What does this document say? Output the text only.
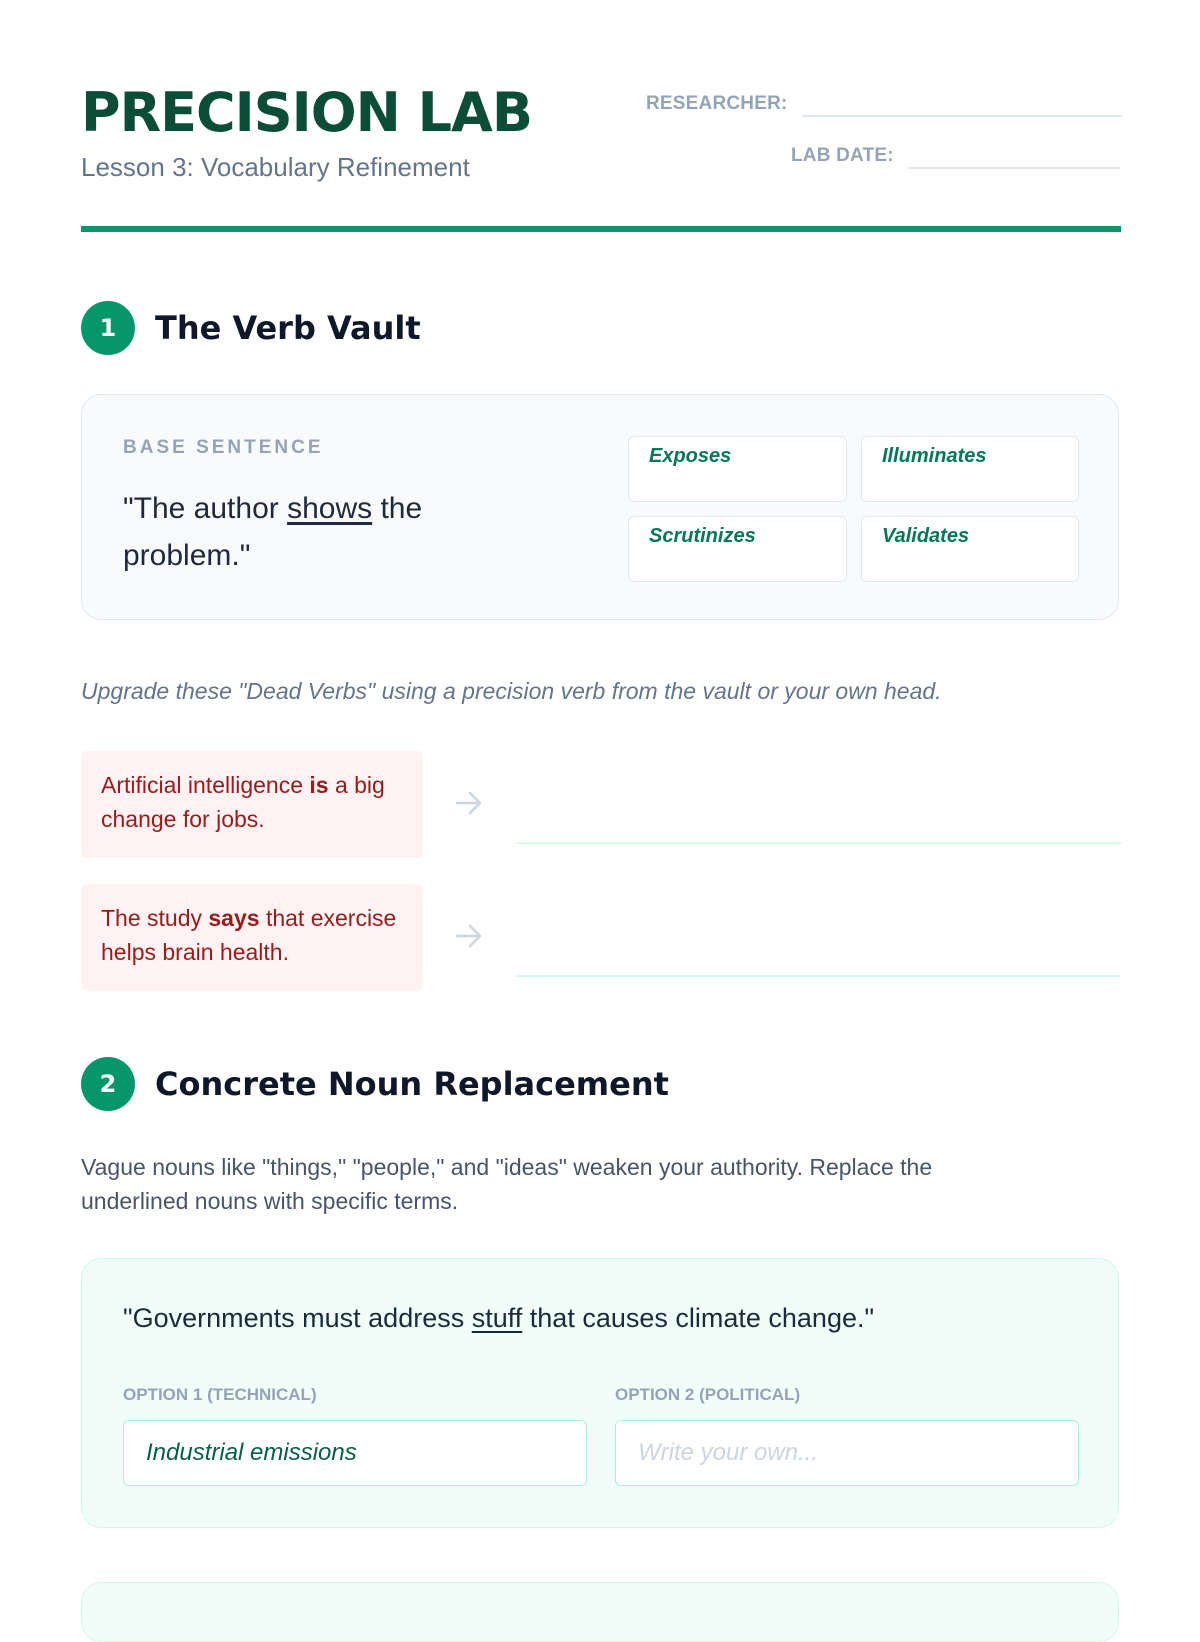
PRECISION LAB
Lesson 3: Vocabulary Refinement
RESEARCHER:
LAB DATE:
1	The Verb Vault
BASE SENTENCE
"The author shows the problem."
Exposes	Illuminates
Scrutinizes	Validates
Upgrade these "Dead Verbs" using a precision verb from the vault or your own head.
Artificial intelligence is a big change for jobs.
The study says that exercise helps brain health.
2	Concrete Noun Replacement
Vague nouns like "things," "people," and "ideas" weaken your authority. Replace the underlined nouns with specific terms.
"Governments must address stuff that causes climate change."
OPTION 1 (TECHNICAL)
Industrial emissions	OPTION 2 (POLITICAL)
Write your own...
